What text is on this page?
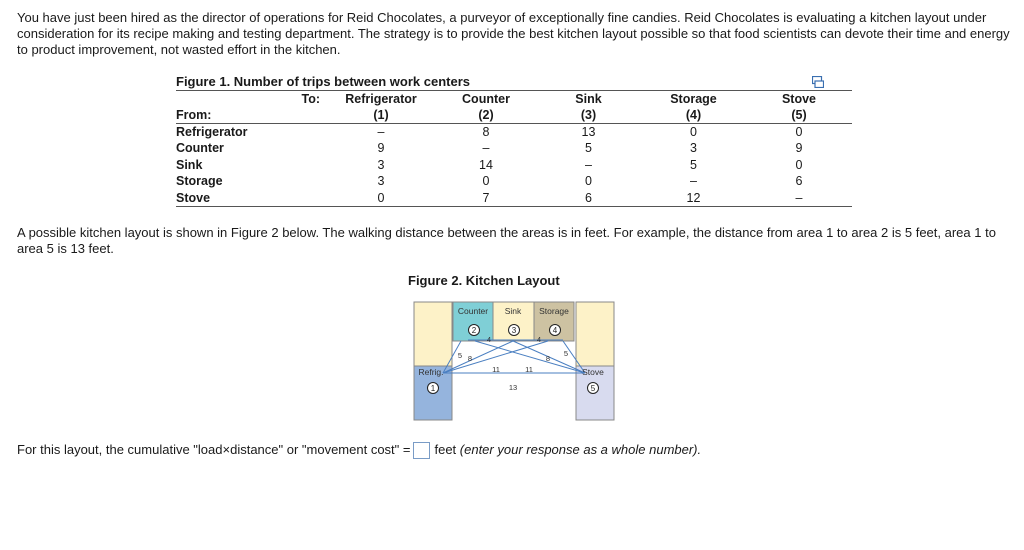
You have just been hired as the director of operations for Reid Chocolates, a purveyor of exceptionally fine candies. Reid Chocolates is evaluating a kitchen layout under consideration for its recipe making and testing department. The strategy is to provide the best kitchen layout possible so that food scientists can devote their time and energy to product improvement, not wasted effort in the kitchen.

Figure 1. Number of trips between work centers
	To:	Refrigerator	Counter	Sink	Storage	Stove
From:		(1)	(2)	(3)	(4)	(5)
Refrigerator		–	8	13	0	0
Counter		9	–	5	3	9
Sink		3	14	–	5	0
Storage		3	0	0	–	6
Stove		0	7	6	12	–

A possible kitchen layout is shown in Figure 2 below. The walking distance between the areas is in feet. For example, the distance from area 1 to area 2 is 5 feet, area 1 to area 5 is 13 feet.

Figure 2. Kitchen Layout
Counter Sink Storage
Refrig.	Stove
2	3	4
1	5
4	4
5 8
5
8
11	11
13
For this layout, the cumulative "load×distance" or "movement cost" = feet (enter your response as a whole number).
